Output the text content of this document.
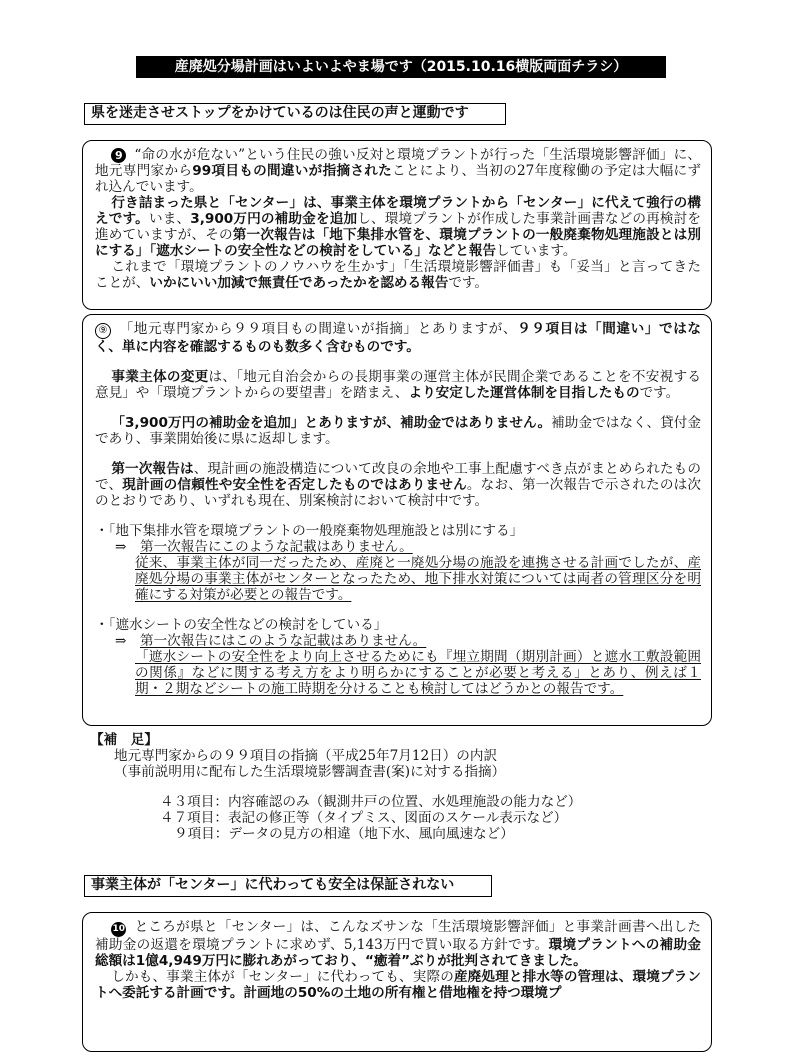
産廃処分場計画はいよいよやま場です（2015.10.16横版両面チラシ）
県を迷走させストップをかけているのは住民の声と運動です

9 “命の水が危ない”という住民の強い反対と環境プラントが行った「生活環境影響評価」に、地元専門家から99項目もの間違いが指摘されたことにより、当初の27年度稼働の予定は大幅にずれ込んでいます。

行き詰まった県と「センター」は、事業主体を環境プラントから「センター」に代えて強行の構えです。いま、3,900万円の補助金を追加し、環境プラントが作成した事業計画書などの再検討を進めていますが、その第一次報告は「地下集排水管を、環境プラントの一般廃棄物処理施設とは別にする」「遮水シートの安全性などの検討をしている」などと報告しています。

これまで「環境プラントのノウハウを生かす」「生活環境影響評価書」も「妥当」と言ってきたことが、いかにいい加減で無責任であったかを認める報告です。

⑨ 「地元専門家から９９項目もの間違いが指摘」とありますが、９９項目は「間違い」ではなく、単に内容を確認するものも数多く含むものです。

事業主体の変更は、「地元自治会からの長期事業の運営主体が民間企業であることを不安視する意見」や「環境プラントからの要望書」を踏まえ、より安定した運営体制を目指したものです。

「3,900万円の補助金を追加」とありますが、補助金ではありません。補助金ではなく、貸付金であり、事業開始後に県に返却します。

第一次報告は、現計画の施設構造について改良の余地や工事上配慮すべき点がまとめられたもので、現計画の信頼性や安全性を否定したものではありません。なお、第一次報告で示されたのは次のとおりであり、いずれも現在、別案検討において検討中です。

・「地下集排水管を環境プラントの一般廃棄物処理施設とは別にする」

⇒　 第一次報告にこのような記載はありません。

従来、事業主体が同一だったため、産廃と一廃処分場の施設を連携させる計画でしたが、産廃処分場の事業主体がセンターとなったため、地下排水対策については両者の管理区分を明確にする対策が必要との報告です。

・「遮水シートの安全性などの検討をしている」

⇒　 第一次報告にはこのような記載はありません。

「遮水シートの安全性をより向上させるためにも『埋立期間（期別計画）と遮水工敷設範囲の関係』などに関する考え方をより明らかにすることが必要と考える」とあり、例えば１期・２期などシートの施工時期を分けることも検討してはどうかとの報告です。

【補　足】
地元専門家からの９９項目の指摘（平成25年7月12日）の内訳
（事前説明用に配布した生活環境影響調査書(案)に対する指摘）
４３項目：内容確認のみ（観測井戸の位置、水処理施設の能力など）
４７項目：表記の修正等（タイプミス、図面のスケール表示など）
９項目：データの見方の相違（地下水、風向風速など）
事業主体が「センター」に代わっても安全は保証されない

10 ところが県と「センター」は、こんなズサンな「生活環境影響評価」と事業計画書へ出した補助金の返還を環境プラントに求めず、5,143万円で買い取る方針です。環境プラントへの補助金総額は1億4,949万円に膨れあがっており、“癒着”ぶりが批判されてきました。

しかも、事業主体が「センター」に代わっても、実際の産廃処理と排水等の管理は、環境プラントへ委託する計画です。計画地の50%の土地の所有権と借地権を持つ環境プ
